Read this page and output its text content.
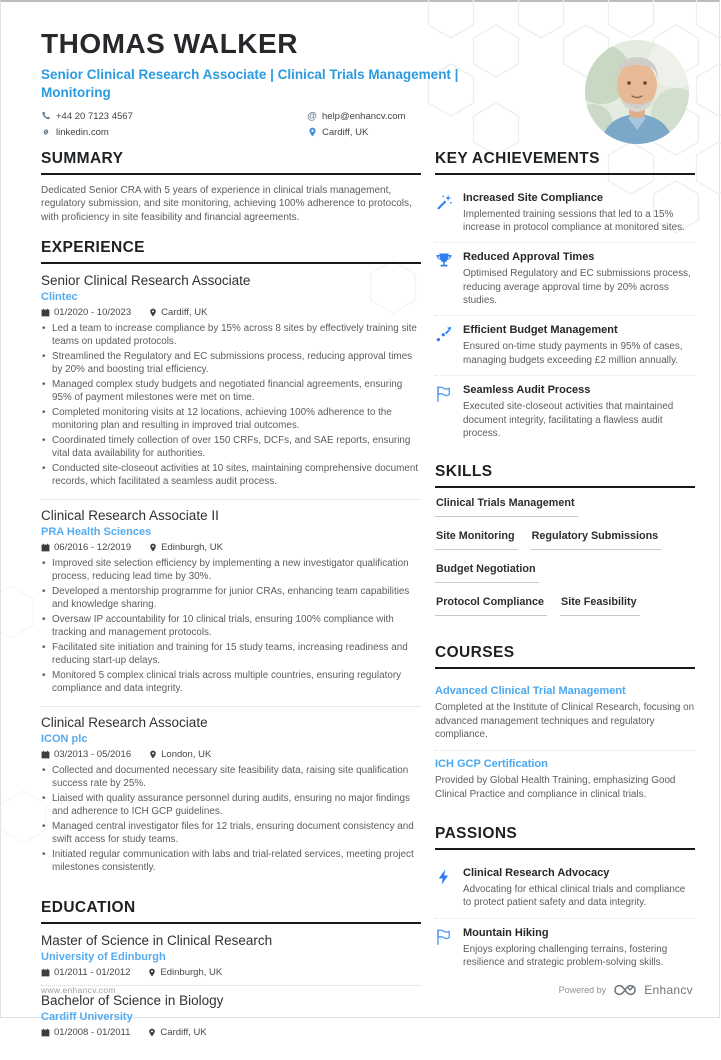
THOMAS WALKER
Senior Clinical Research Associate | Clinical Trials Management | Monitoring
+44 20 7123 4567	@ help@enhancv.com
linkedin.com	Cardiff, UK
SUMMARY

Dedicated Senior CRA with 5 years of experience in clinical trials management, regulatory submission, and site monitoring, achieving 100% adherence to protocols, with proficiency in site feasibility and financial agreements.

EXPERIENCE
Senior Clinical Research Associate
Clintec
01/2020 - 10/2023	Cardiff, UK
• Led a team to increase compliance by 15% across 8 sites by effectively training site teams on updated protocols.
• Streamlined the Regulatory and EC submissions process, reducing approval times by 20% and boosting trial efficiency.
• Managed complex study budgets and negotiated financial agreements, ensuring 95% of payment milestones were met on time.
• Completed monitoring visits at 12 locations, achieving 100% adherence to the monitoring plan and resulting in improved trial outcomes.
• Coordinated timely collection of over 150 CRFs, DCFs, and SAE reports, ensuring vital data availability for authorities.
• Conducted site-closeout activities at 10 sites, maintaining comprehensive document records, which facilitated a seamless audit process.
Clinical Research Associate II
PRA Health Sciences
06/2016 - 12/2019	Edinburgh, UK
• Improved site selection efficiency by implementing a new investigator qualification process, reducing lead time by 30%.
• Developed a mentorship programme for junior CRAs, enhancing team capabilities and knowledge sharing.
• Oversaw IP accountability for 10 clinical trials, ensuring 100% compliance with tracking and management protocols.
• Facilitated site initiation and training for 15 study teams, increasing readiness and reducing start-up delays.
• Monitored 5 complex clinical trials across multiple countries, ensuring regulatory compliance and data integrity.
Clinical Research Associate
ICON plc
03/2013 - 05/2016	London, UK
• Collected and documented necessary site feasibility data, raising site qualification success rate by 25%.
• Liaised with quality assurance personnel during audits, ensuring no major findings and adherence to ICH GCP guidelines.
• Managed central investigator files for 12 trials, ensuring document consistency and swift access for study teams.
• Initiated regular communication with labs and trial-related services, meeting project milestones consistently.
EDUCATION
Master of Science in Clinical Research
University of Edinburgh
01/2011 - 01/2012	Edinburgh, UK
Bachelor of Science in Biology
Cardiff University
01/2008 - 01/2011	Cardiff, UK
KEY ACHIEVEMENTS
Increased Site Compliance
Implemented training sessions that led to a 15% increase in protocol compliance at monitored sites.
Reduced Approval Times
Optimised Regulatory and EC submissions process, reducing average approval time by 20% across studies.
Efficient Budget Management
Ensured on-time study payments in 95% of cases, managing budgets exceeding £2 million annually.
Seamless Audit Process
Executed site-closeout activities that maintained document integrity, facilitating a flawless audit process.
SKILLS
Clinical Trials Management
Site Monitoring Regulatory Submissions
Budget Negotiation
Protocol Compliance Site Feasibility
COURSES
Advanced Clinical Trial Management
Completed at the Institute of Clinical Research, focusing on advanced management techniques and regulatory compliance.
ICH GCP Certification
Provided by Global Health Training, emphasizing Good Clinical Practice and compliance in clinical trials.
PASSIONS
Clinical Research Advocacy
Advocating for ethical clinical trials and compliance to protect patient safety and data integrity.
Mountain Hiking
Enjoys exploring challenging terrains, fostering resilience and strategic problem-solving skills.
www.enhancv.com	Powered by	Enhancv
